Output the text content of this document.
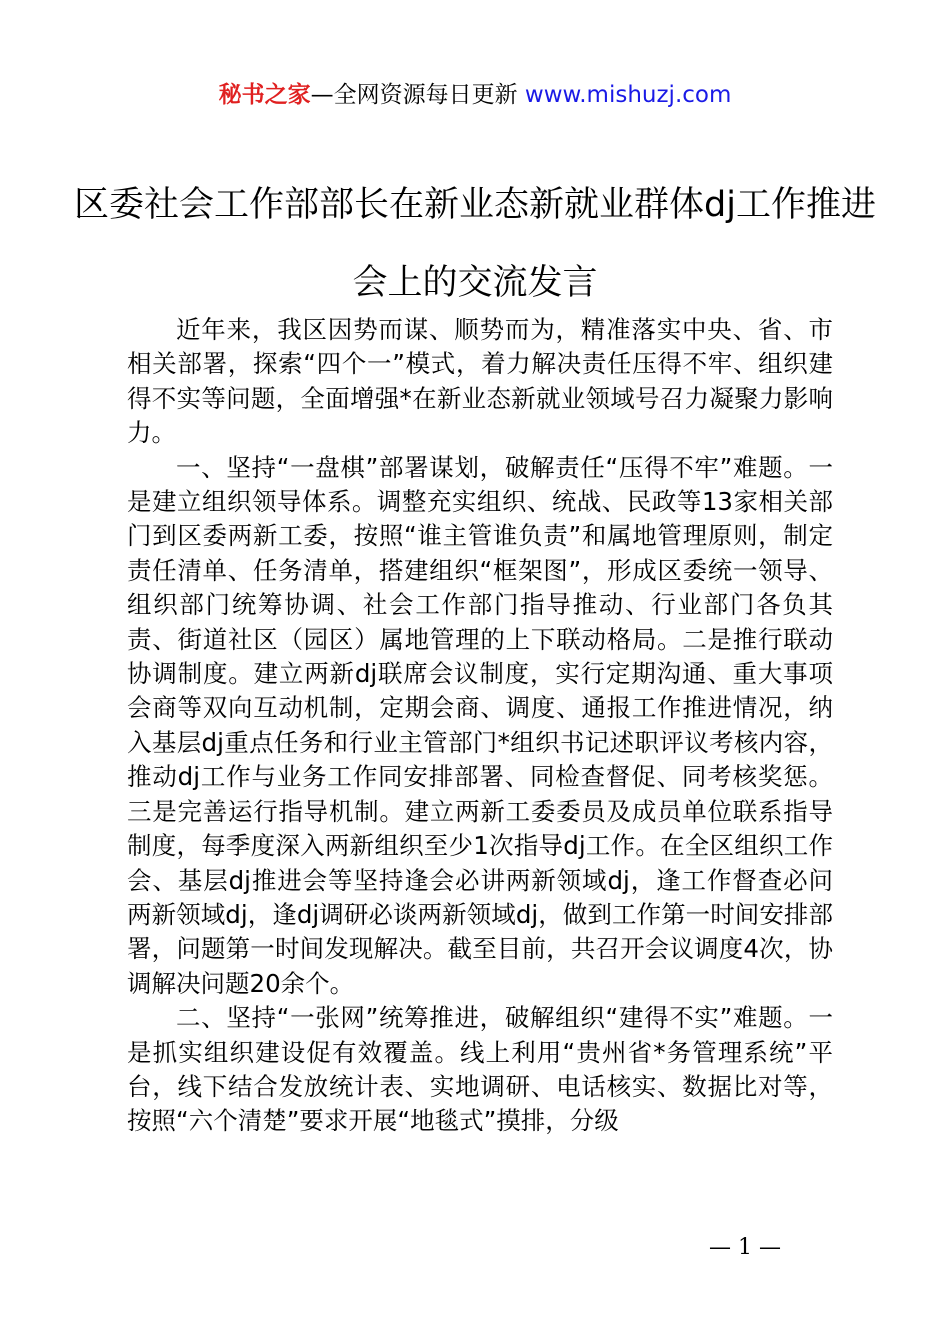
秘书之家—全网资源每日更新 www.mishuzj.com
区委社会工作部部长在新业态新就业群体dj工作推进会上的交流发言

近年来，我区因势而谋、顺势而为，精准落实中央、省、市相关部署，探索“四个一”模式，着力解决责任压得不牢、组织建得不实等问题，全面增强*在新业态新就业领域号召力凝聚力影响力。

一、坚持“一盘棋”部署谋划，破解责任“压得不牢”难题。一是建立组织领导体系。调整充实组织、统战、民政等13家相关部门到区委两新工委，按照“谁主管谁负责”和属地管理原则，制定责任清单、任务清单，搭建组织“框架图”，形成区委统一领导、组织部门统筹协调、社会工作部门指导推动、行业部门各负其责、街道社区（园区）属地管理的上下联动格局。二是推行联动协调制度。建立两新dj联席会议制度，实行定期沟通、重大事项会商等双向互动机制，定期会商、调度、通报工作推进情况，纳入基层dj重点任务和行业主管部门*组织书记述职评议考核内容，推动dj工作与业务工作同安排部署、同检查督促、同考核奖惩。三是完善运行指导机制。建立两新工委委员及成员单位联系指导制度，每季度深入两新组织至少1次指导dj工作。在全区组织工作会、基层dj推进会等坚持逢会必讲两新领域dj，逢工作督查必问两新领域dj，逢dj调研必谈两新领域dj，做到工作第一时间安排部署，问题第一时间发现解决。截至目前，共召开会议调度4次，协调解决问题20余个。

二、坚持“一张网”统筹推进，破解组织“建得不实”难题。一是抓实组织建设促有效覆盖。线上利用“贵州省*务管理系统”平台，线下结合发放统计表、实地调研、电话核实、数据比对等，按照“六个清楚”要求开展“地毯式”摸排，分级

— 1 —
